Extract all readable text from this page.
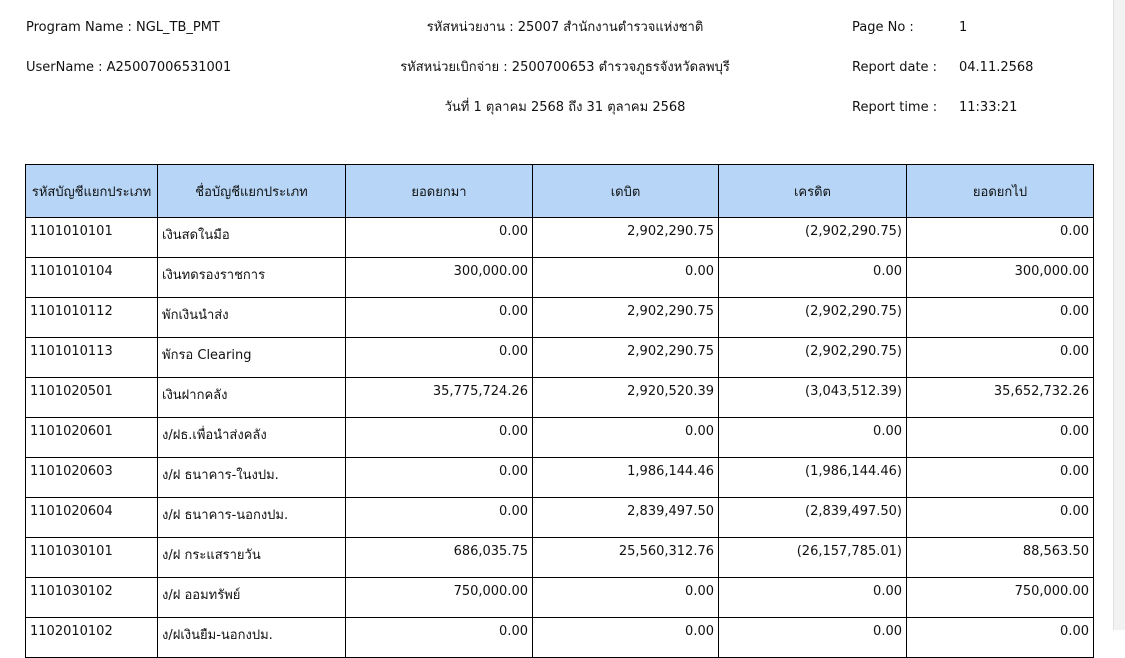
Program Name : NGL_TB_PMT
UserName : A25007006531001
รหัสหน่วยงาน : 25007 สำนักงานตำรวจแห่งชาติ
รหัสหน่วยเบิกจ่าย : 2500700653 ตำรวจภูธรจังหวัดลพบุรี
วันที่ 1 ตุลาคม 2568 ถึง 31 ตุลาคม 2568
Page No :	1
Report date : 04.11.2568
Report time : 11:33:21
รหัสบัญชีแยกประเภท	ชื่อบัญชีแยกประเภท	ยอดยกมา	เดบิต	เครดิต	ยอดยกไป
1101010101	เงินสดในมือ	0.00	2,902,290.75	(2,902,290.75)	0.00
1101010104	เงินทดรองราชการ	300,000.00	0.00	0.00	300,000.00
1101010112	พักเงินนำส่ง	0.00	2,902,290.75	(2,902,290.75)	0.00
1101010113	พักรอ Clearing	0.00	2,902,290.75	(2,902,290.75)	0.00
1101020501	เงินฝากคลัง	35,775,724.26	2,920,520.39	(3,043,512.39)	35,652,732.26
1101020601	ง/ฝธ.เพื่อนำส่งคลัง	0.00	0.00	0.00	0.00
1101020603	ง/ฝ ธนาคาร-ในงปม.	0.00	1,986,144.46	(1,986,144.46)	0.00
1101020604	ง/ฝ ธนาคาร-นอกงปม.	0.00	2,839,497.50	(2,839,497.50)	0.00
1101030101	ง/ฝ กระแสรายวัน	686,035.75	25,560,312.76	(26,157,785.01)	88,563.50
1101030102	ง/ฝ ออมทรัพย์	750,000.00	0.00	0.00	750,000.00
1102010102	ง/ฝเงินยืม-นอกงปม.	0.00	0.00	0.00	0.00
